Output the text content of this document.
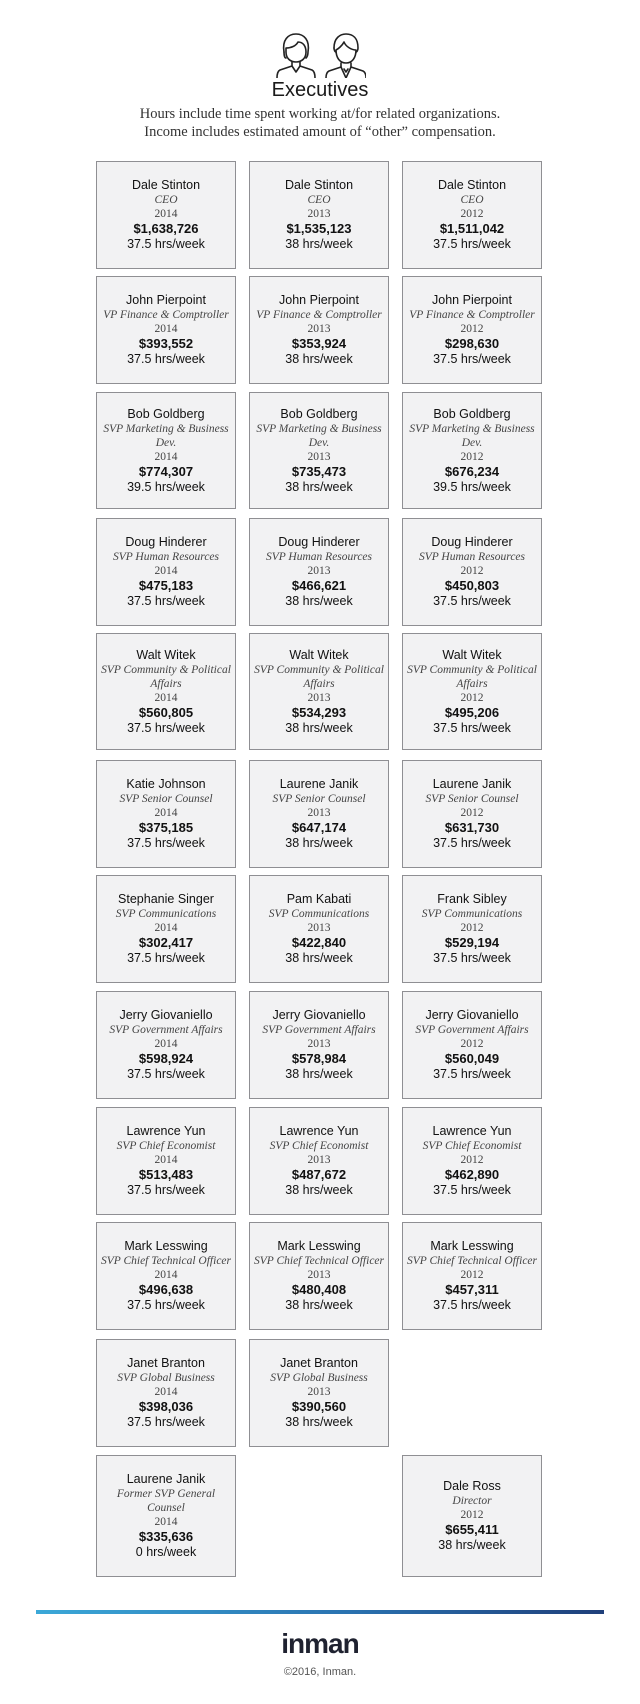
Executives
Hours include time spent working at/for related organizations.
Income includes estimated amount of “other” compensation.
Dale Stinton
CEO
2014
$1,638,726
37.5 hrs/week
Dale Stinton
CEO
2013
$1,535,123
38 hrs/week
Dale Stinton
CEO
2012
$1,511,042
37.5 hrs/week
John Pierpoint
VP Finance & Comptroller
2014
$393,552
37.5 hrs/week
John Pierpoint
VP Finance & Comptroller
2013
$353,924
38 hrs/week
John Pierpoint
VP Finance & Comptroller
2012
$298,630
37.5 hrs/week
Bob Goldberg
SVP Marketing & Business Dev.
2014
$774,307
39.5 hrs/week
Bob Goldberg
SVP Marketing & Business Dev.
2013
$735,473
38 hrs/week
Bob Goldberg
SVP Marketing & Business Dev.
2012
$676,234
39.5 hrs/week
Doug Hinderer
SVP Human Resources
2014
$475,183
37.5 hrs/week
Doug Hinderer
SVP Human Resources
2013
$466,621
38 hrs/week
Doug Hinderer
SVP Human Resources
2012
$450,803
37.5 hrs/week
Walt Witek
SVP Community & Political Affairs
2014
$560,805
37.5 hrs/week
Walt Witek
SVP Community & Political Affairs
2013
$534,293
38 hrs/week
Walt Witek
SVP Community & Political Affairs
2012
$495,206
37.5 hrs/week
Katie Johnson
SVP Senior Counsel
2014
$375,185
37.5 hrs/week
Laurene Janik
SVP Senior Counsel
2013
$647,174
38 hrs/week
Laurene Janik
SVP Senior Counsel
2012
$631,730
37.5 hrs/week
Stephanie Singer
SVP Communications
2014
$302,417
37.5 hrs/week
Pam Kabati
SVP Communications
2013
$422,840
38 hrs/week
Frank Sibley
SVP Communications
2012
$529,194
37.5 hrs/week
Jerry Giovaniello
SVP Government Affairs
2014
$598,924
37.5 hrs/week
Jerry Giovaniello
SVP Government Affairs
2013
$578,984
38 hrs/week
Jerry Giovaniello
SVP Government Affairs
2012
$560,049
37.5 hrs/week
Lawrence Yun
SVP Chief Economist
2014
$513,483
37.5 hrs/week
Lawrence Yun
SVP Chief Economist
2013
$487,672
38 hrs/week
Lawrence Yun
SVP Chief Economist
2012
$462,890
37.5 hrs/week
Mark Lesswing
SVP Chief Technical Officer
2014
$496,638
37.5 hrs/week
Mark Lesswing
SVP Chief Technical Officer
2013
$480,408
38 hrs/week
Mark Lesswing
SVP Chief Technical Officer
2012
$457,311
37.5 hrs/week
Janet Branton
SVP Global Business
2014
$398,036
37.5 hrs/week
Janet Branton
SVP Global Business
2013
$390,560
38 hrs/week
Laurene Janik
Former SVP General Counsel
2014
$335,636
0 hrs/week
Dale Ross
Director
2012
$655,411
38 hrs/week
inman
©2016, Inman.
